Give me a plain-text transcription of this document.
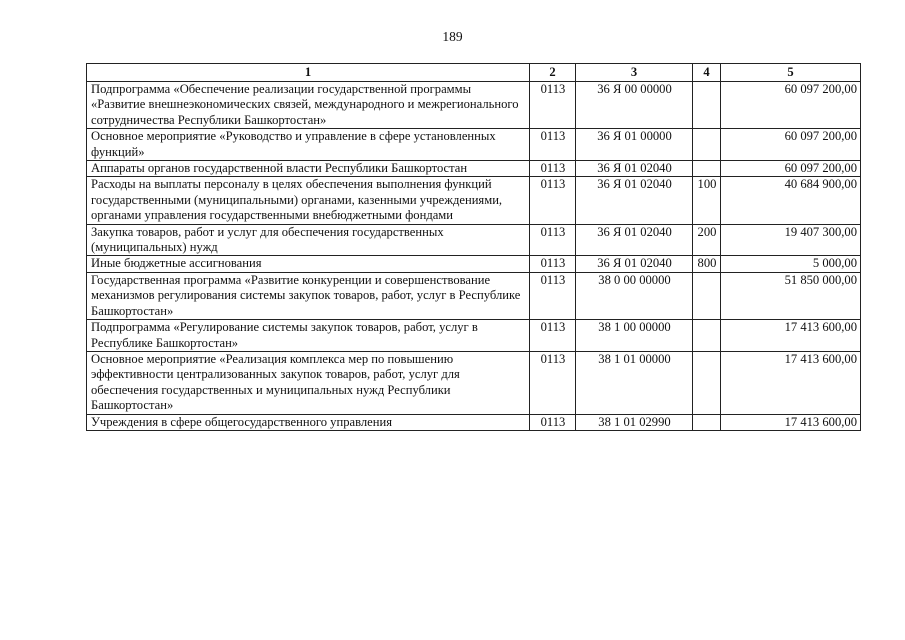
189
1	2	3	4	5
Подпрограмма «Обеспечение реализации государственной программы «Развитие внешнеэкономических связей, международного и межрегионального сотрудничества Республики Башкортостан»	0113	36 Я 00 00000		60 097 200,00
Основное мероприятие «Руководство и управление в сфере установленных функций»	0113	36 Я 01 00000		60 097 200,00
Аппараты органов государственной власти Республики Башкортостан	0113	36 Я 01 02040		60 097 200,00
Расходы на выплаты персоналу в целях обеспечения выполнения функций государственными (муниципальными) органами, казенными учреждениями, органами управления государственными внебюджетными фондами	0113	36 Я 01 02040	100	40 684 900,00
Закупка товаров, работ и услуг для обеспечения государственных (муниципальных) нужд	0113	36 Я 01 02040	200	19 407 300,00
Иные бюджетные ассигнования	0113	36 Я 01 02040	800	5 000,00
Государственная программа «Развитие конкуренции и совершенствование механизмов регулирования системы закупок товаров, работ, услуг в Республике Башкортостан»	0113	38 0 00 00000		51 850 000,00
Подпрограмма «Регулирование системы закупок товаров, работ, услуг в Республике Башкортостан»	0113	38 1 00 00000		17 413 600,00
Основное мероприятие «Реализация комплекса мер по повышению эффективности централизованных закупок товаров, работ, услуг для обеспечения государственных и муниципальных нужд Республики Башкортостан»	0113	38 1 01 00000		17 413 600,00
Учреждения в сфере общегосударственного управления	0113	38 1 01 02990		17 413 600,00
